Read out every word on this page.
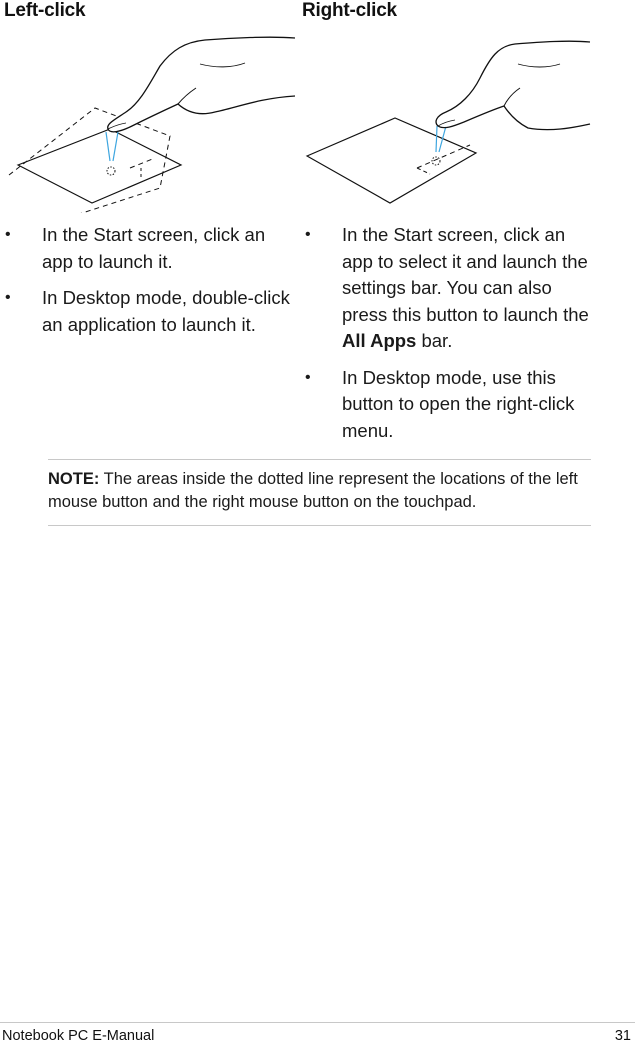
Left-click	Right-click
• In the Start screen, click an app to launch it.
• In Desktop mode, double-click an application to launch it.
• In the Start screen, click an app to select it and launch the settings bar. You can also press this button to launch the All Apps bar.
• In Desktop mode, use this button to open the right-click menu.
NOTE: The areas inside the dotted line represent the locations of the left mouse button and the right mouse button on the touchpad.
Notebook PC E-Manual	31
